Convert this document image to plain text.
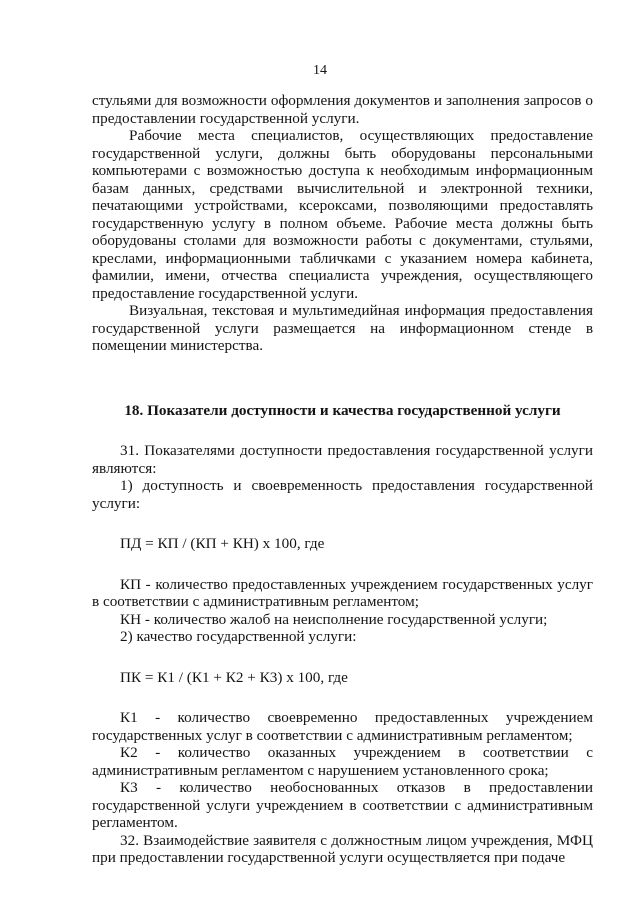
14

стульями для возможности оформления документов и заполнения запросов о предоставлении государственной услуги.

Рабочие места специалистов, осуществляющих предоставление государственной услуги, должны быть оборудованы персональными компьютерами с возможностью доступа к необходимым информационным базам данных, средствами вычислительной и электронной техники, печатающими устройствами, ксероксами, позволяющими предоставлять государственную услугу в полном объеме. Рабочие места должны быть оборудованы столами для возможности работы с документами, стульями, креслами, информационными табличками с указанием номера кабинета, фамилии, имени, отчества специалиста учреждения, осуществляющего предоставление государственной услуги.

Визуальная, текстовая и мультимедийная информация предоставления государственной услуги размещается на информационном стенде в помещении министерства.

18. Показатели доступности и качества государственной услуги

31. Показателями доступности предоставления государственной услуги являются:

1) доступность и своевременность предоставления государственной услуги:

ПД = КП / (КП + КН) х 100, где

КП - количество предоставленных учреждением государственных услуг в соответствии с административным регламентом;

КН - количество жалоб на неисполнение государственной услуги;

2) качество государственной услуги:

ПК = К1 / (К1 + К2 + К3) х 100, где

К1 - количество своевременно предоставленных учреждением государственных услуг в соответствии с административным регламентом;

К2 - количество оказанных учреждением в соответствии с административным регламентом с нарушением установленного срока;

К3 - количество необоснованных отказов в предоставлении государственной услуги учреждением в соответствии с административным регламентом.

32. Взаимодействие заявителя с должностным лицом учреждения, МФЦ при предоставлении государственной услуги осуществляется при подаче
